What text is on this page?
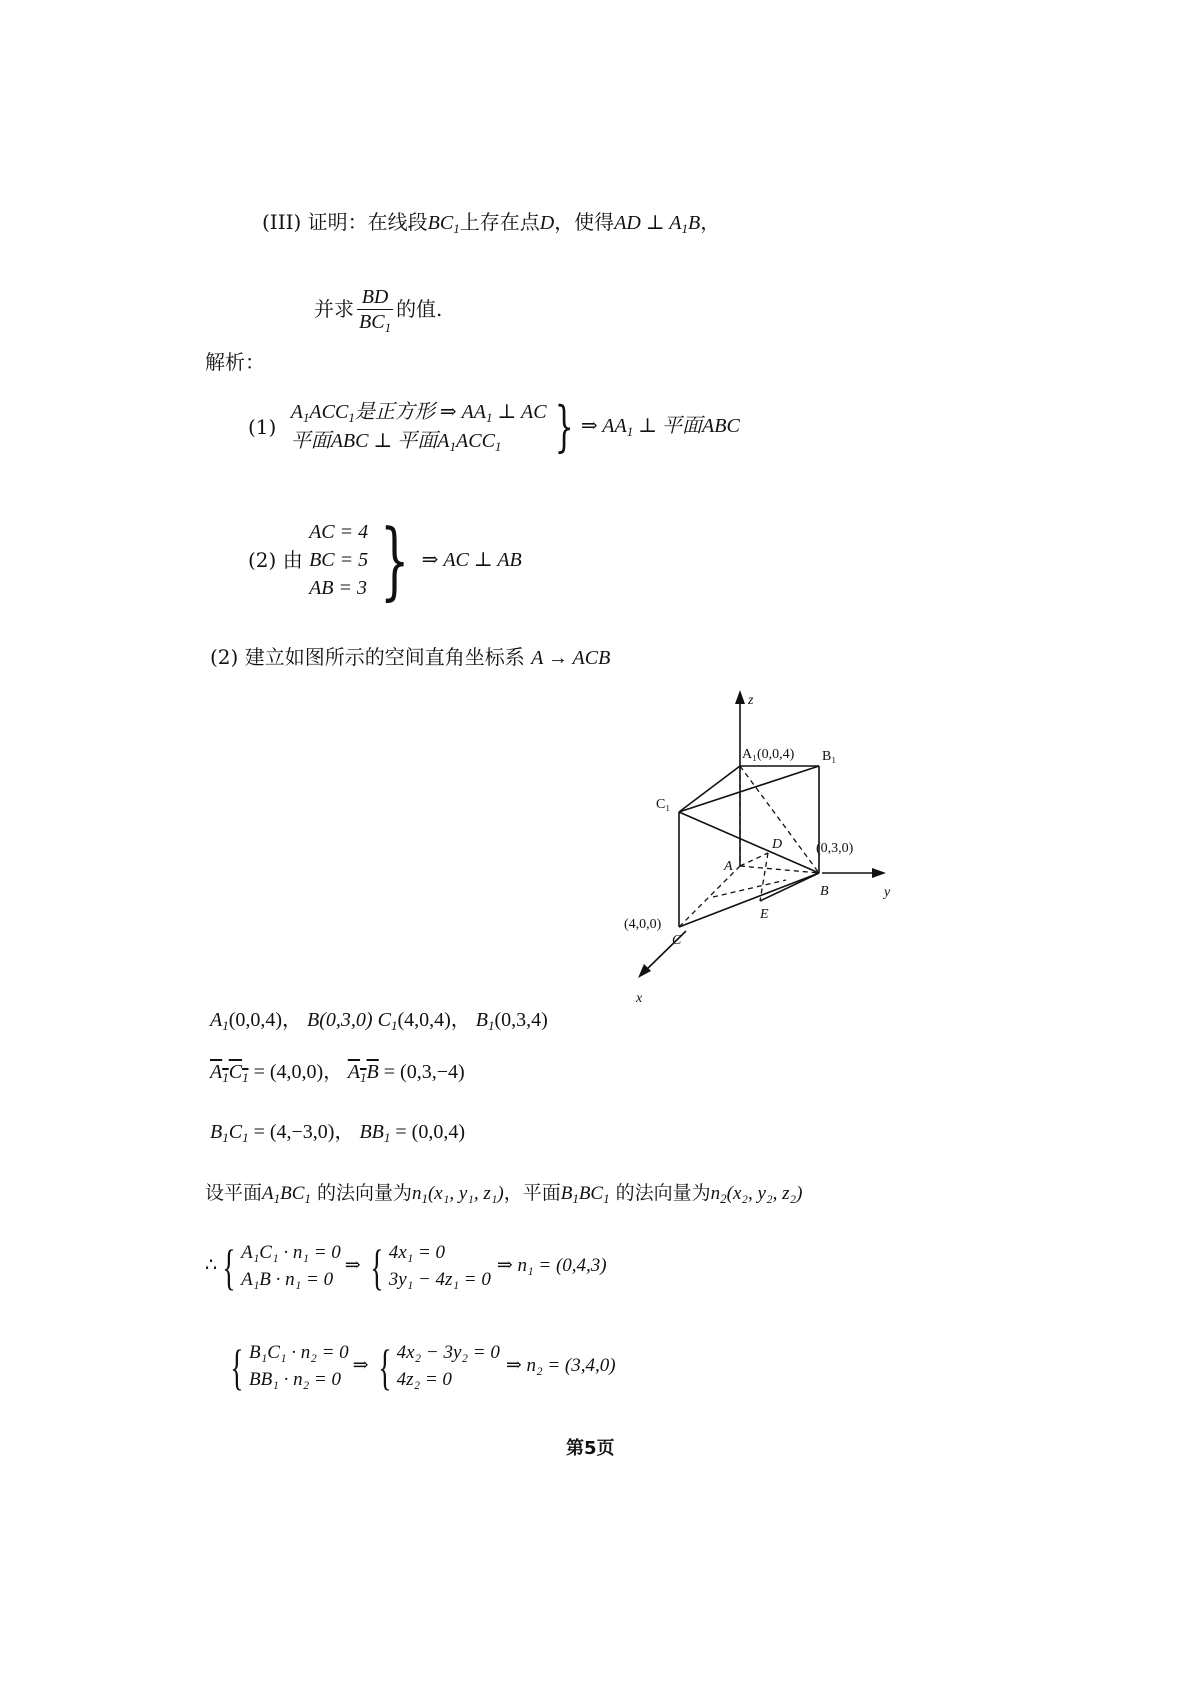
(III) 证明：在线段$BC_1$上存在点D，使得AD ⊥ $A_1B$，
并求 $\frac{BD}{BC_1}$ 的值.
解析：
(1)
$A_1ACC_1$是正方形 ⇒ $AA_1$ ⊥ AC
平面ABC ⊥ 平面$A_1ACC_1$ } ⇒ $AA_1$ ⊥ 平面ABC
(2) 由
AC = 4
BC = 5
AB = 3 } ⇒ AC ⊥ AB
(2) 建立如图所示的空间直角坐标系 A → ACB
z
y
x
A₁(0,0,4) B₁
C₁
D
A
(0,3,0)
B
E
C
(4,0,0)
$A_1(0,0,4)$， B(0,3,0) $C_1(4,0,4)$， $B_1(0,3,4)$
$A_1C_1 = (4,0,0)$， $A_1B = (0,3,-4)$
$B_1C_1 = (4,-3,0)$， $BB_1 = (0,0,4)$
设平面$A_1BC_1$ 的法向量为$n_1(x_1$, y₁, z₁)，平面$B_1BC_1$ 的法向量为$n_2(x_2$, y₂, z₂)
∴ { A₁C₁ · n₁ = 0
A₁B · n₁ = 0
⇒ { 4x₁ = 0
3y₁ − 4z₁ = 0
⇒ n₁ = (0,4,3)
{ B₁C₁ · n₂ = 0
BB₁ · n₂ = 0
⇒ { 4x₂ − 3y₂ = 0
4z₂ = 0
⇒ n₂ = (3,4,0)
第5页
